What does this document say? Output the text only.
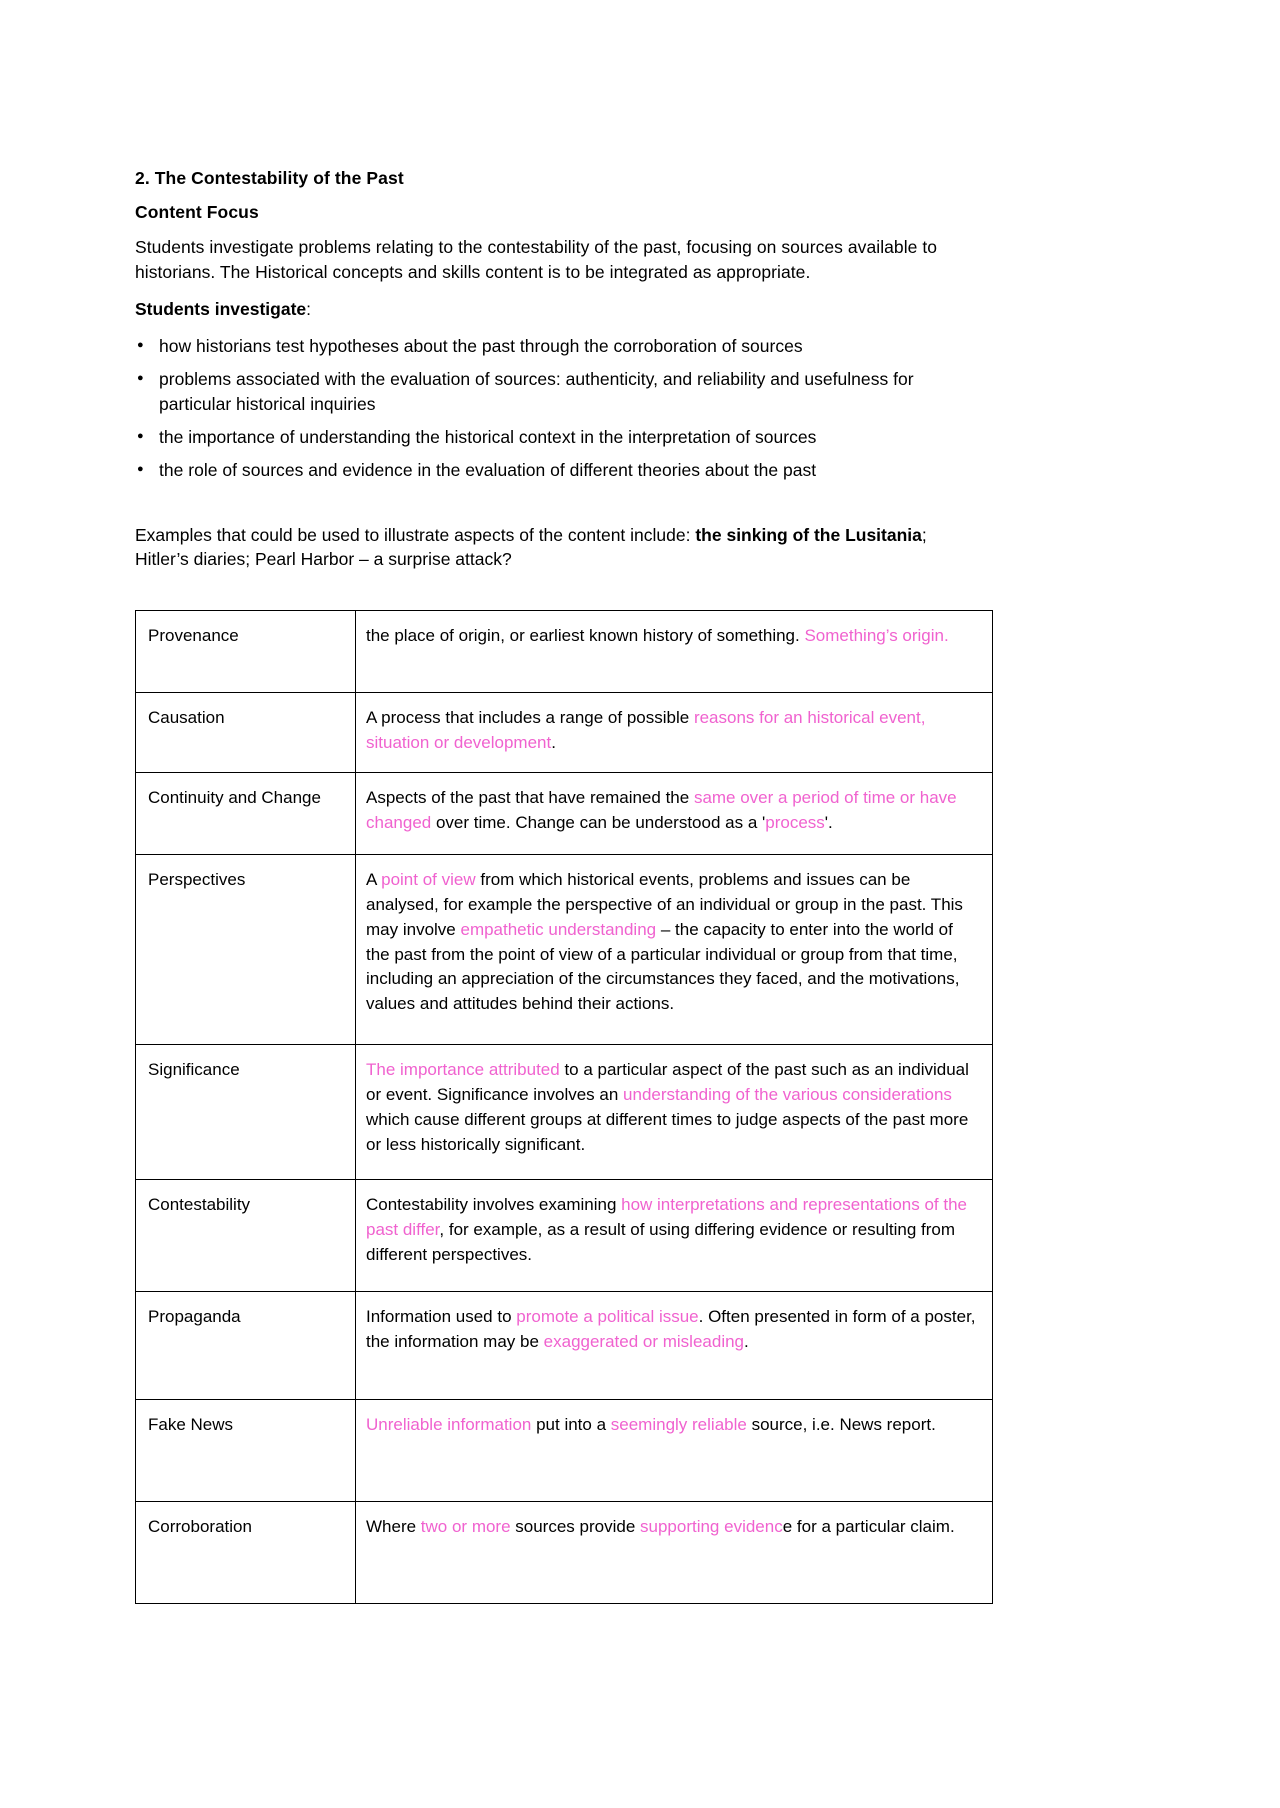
2. The Contestability of the Past
Content Focus

Students investigate problems relating to the contestability of the past, focusing on sources available to historians. The Historical concepts and skills content is to be integrated as appropriate.

Students investigate:

● how historians test hypotheses about the past through the corroboration of sources
● problems associated with the evaluation of sources: authenticity, and reliability and usefulness for particular historical inquiries
● the importance of understanding the historical context in the interpretation of sources
● the role of sources and evidence in the evaluation of different theories about the past

Examples that could be used to illustrate aspects of the content include: the sinking of the Lusitania; Hitler’s diaries; Pearl Harbor – a surprise attack?

Provenance	the place of origin, or earliest known history of something. Something’s origin.
Causation	A process that includes a range of possible reasons for an historical event, situation or development.
Continuity and Change	Aspects of the past that have remained the same over a period of time or have changed over time. Change can be understood as a 'process'.
Perspectives	A point of view from which historical events, problems and issues can be analysed, for example the perspective of an individual or group in the past. This may involve empathetic understanding – the capacity to enter into the world of the past from the point of view of a particular individual or group from that time, including an appreciation of the circumstances they faced, and the motivations, values and attitudes behind their actions.
Significance	The importance attributed to a particular aspect of the past such as an individual or event. Significance involves an understanding of the various considerations which cause different groups at different times to judge aspects of the past more or less historically significant.
Contestability	Contestability involves examining how interpretations and representations of the past differ, for example, as a result of using differing evidence or resulting from different perspectives.
Propaganda	Information used to promote a political issue. Often presented in form of a poster, the information may be exaggerated or misleading.
Fake News	Unreliable information put into a seemingly reliable source, i.e. News report.
Corroboration	Where two or more sources provide supporting evidence for a particular claim.
